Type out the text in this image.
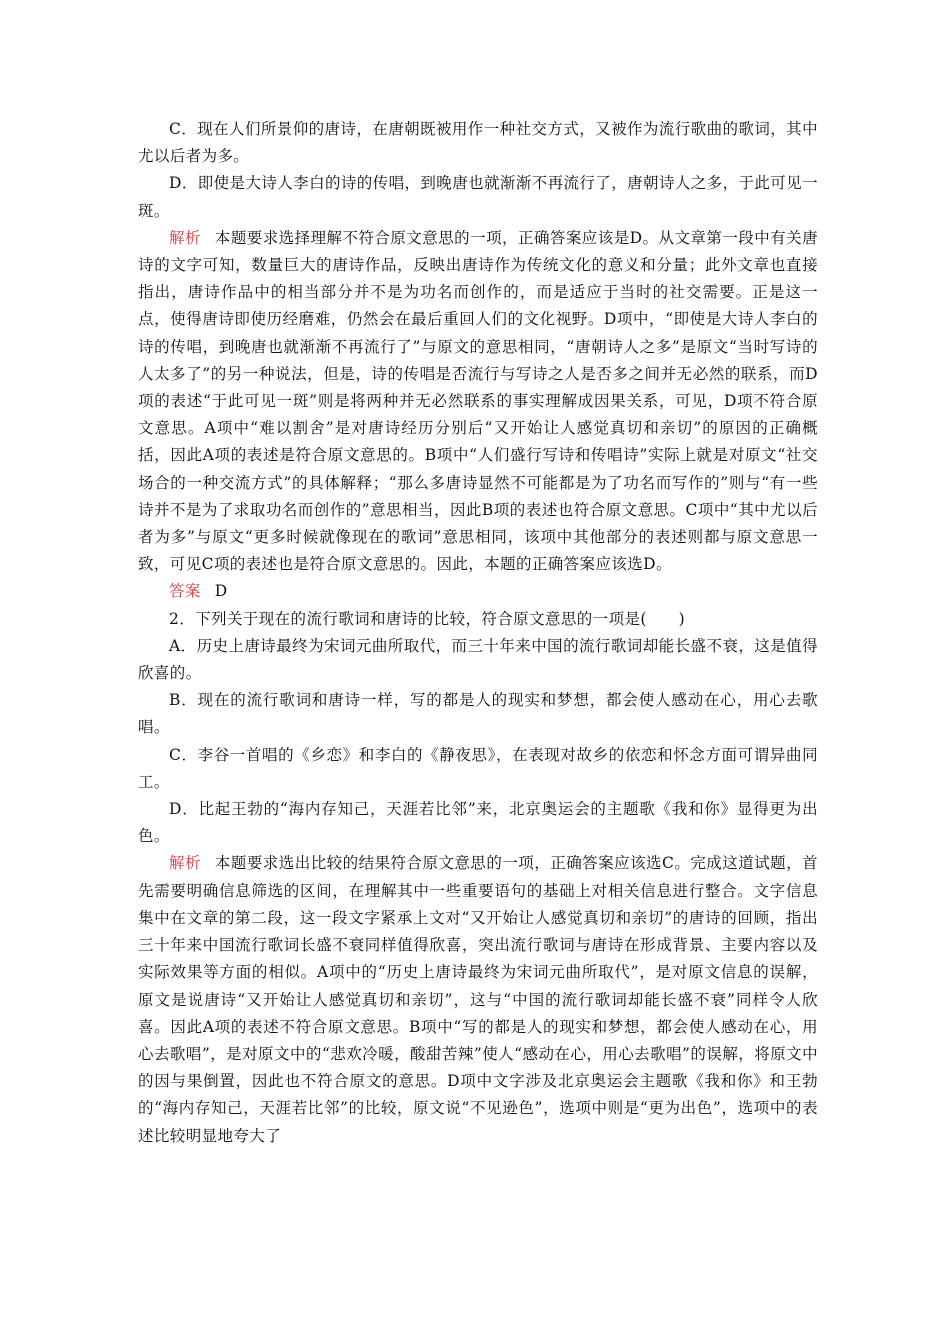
C．现在人们所景仰的唐诗，在唐朝既被用作一种社交方式，又被作为流行歌曲的歌词，其中尤以后者为多。

D．即使是大诗人李白的诗的传唱，到晚唐也就渐渐不再流行了，唐朝诗人之多，于此可见一斑。

解析 本题要求选择理解不符合原文意思的一项，正确答案应该是D。从文章第一段中有关唐诗的文字可知，数量巨大的唐诗作品，反映出唐诗作为传统文化的意义和分量；此外文章也直接指出，唐诗作品中的相当部分并不是为功名而创作的，而是适应于当时的社交需要。正是这一点，使得唐诗即使历经磨难，仍然会在最后重回人们的文化视野。D项中，“即使是大诗人李白的诗的传唱，到晚唐也就渐渐不再流行了”与原文的意思相同，“唐朝诗人之多”是原文“当时写诗的人太多了”的另一种说法，但是，诗的传唱是否流行与写诗之人是否多之间并无必然的联系，而D项的表述“于此可见一斑”则是将两种并无必然联系的事实理解成因果关系，可见，D项不符合原文意思。A项中“难以割舍”是对唐诗经历分别后“又开始让人感觉真切和亲切”的原因的正确概括，因此A项的表述是符合原文意思的。B项中“人们盛行写诗和传唱诗”实际上就是对原文“社交场合的一种交流方式”的具体解释；“那么多唐诗显然不可能都是为了功名而写作的”则与“有一些诗并不是为了求取功名而创作的”意思相当，因此B项的表述也符合原文意思。C项中“其中尤以后者为多”与原文“更多时候就像现在的歌词”意思相同，该项中其他部分的表述则都与原文意思一致，可见C项的表述也是符合原文意思的。因此，本题的正确答案应该选D。

答案 D

2．下列关于现在的流行歌词和唐诗的比较，符合原文意思的一项是(　　)

A．历史上唐诗最终为宋词元曲所取代，而三十年来中国的流行歌词却能长盛不衰，这是值得欣喜的。

B．现在的流行歌词和唐诗一样，写的都是人的现实和梦想，都会使人感动在心，用心去歌唱。

C．李谷一首唱的《乡恋》和李白的《静夜思》，在表现对故乡的依恋和怀念方面可谓异曲同工。

D．比起王勃的“海内存知己，天涯若比邻”来，北京奥运会的主题歌《我和你》显得更为出色。

解析 本题要求选出比较的结果符合原文意思的一项，正确答案应该选C。完成这道试题，首先需要明确信息筛选的区间，在理解其中一些重要语句的基础上对相关信息进行整合。文字信息集中在文章的第二段，这一段文字紧承上文对“又开始让人感觉真切和亲切”的唐诗的回顾，指出三十年来中国流行歌词长盛不衰同样值得欣喜，突出流行歌词与唐诗在形成背景、主要内容以及实际效果等方面的相似。A项中的“历史上唐诗最终为宋词元曲所取代”，是对原文信息的误解，原文是说唐诗“又开始让人感觉真切和亲切”，这与“中国的流行歌词却能长盛不衰”同样令人欣喜。因此A项的表述不符合原文意思。B项中“写的都是人的现实和梦想，都会使人感动在心，用心去歌唱”，是对原文中的“悲欢冷暖，酸甜苦辣”使人“感动在心，用心去歌唱”的误解，将原文中的因与果倒置，因此也不符合原文的意思。D项中文字涉及北京奥运会主题歌《我和你》和王勃的“海内存知己，天涯若比邻”的比较，原文说“不见逊色”，选项中则是“更为出色”，选项中的表述比较明显地夸大了
